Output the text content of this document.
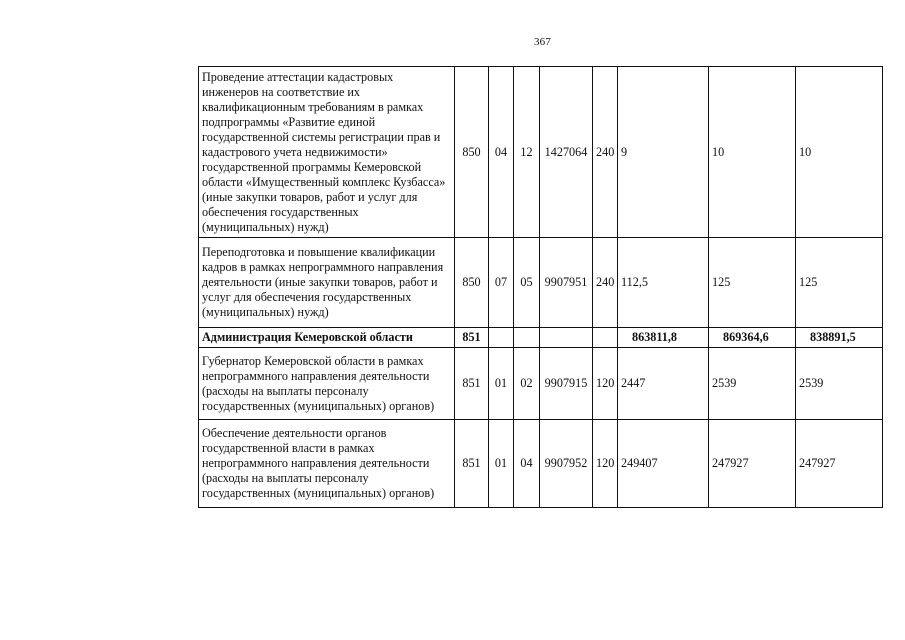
367
Проведение аттестации кадастровых инженеров на соответствие их квалификационным требованиям в рамках подпрограммы «Развитие единой государственной системы регистрации прав и кадастрового учета недвижимости» государственной программы Кемеровской области «Имущественный комплекс Кузбасса» (иные закупки товаров, работ и услуг для обеспечения государственных (муниципальных) нужд)	850	04	12	1427064	240	9	10	10
Переподготовка и повышение квалификации кадров в рамках непрограммного направления деятельности (иные закупки товаров, работ и услуг для обеспечения государственных (муниципальных) нужд)	850	07	05	9907951	240	112,5	125	125
Администрация Кемеровской области	851					863811,8	869364,6	838891,5
Губернатор Кемеровской области в рамках непрограммного направления деятельности (расходы на выплаты персоналу государственных (муниципальных) органов)	851	01	02	9907915	120	2447	2539	2539
Обеспечение деятельности органов государственной власти в рамках непрограммного направления деятельности (расходы на выплаты персоналу государственных (муниципальных) органов)	851	01	04	9907952	120	249407	247927	247927
